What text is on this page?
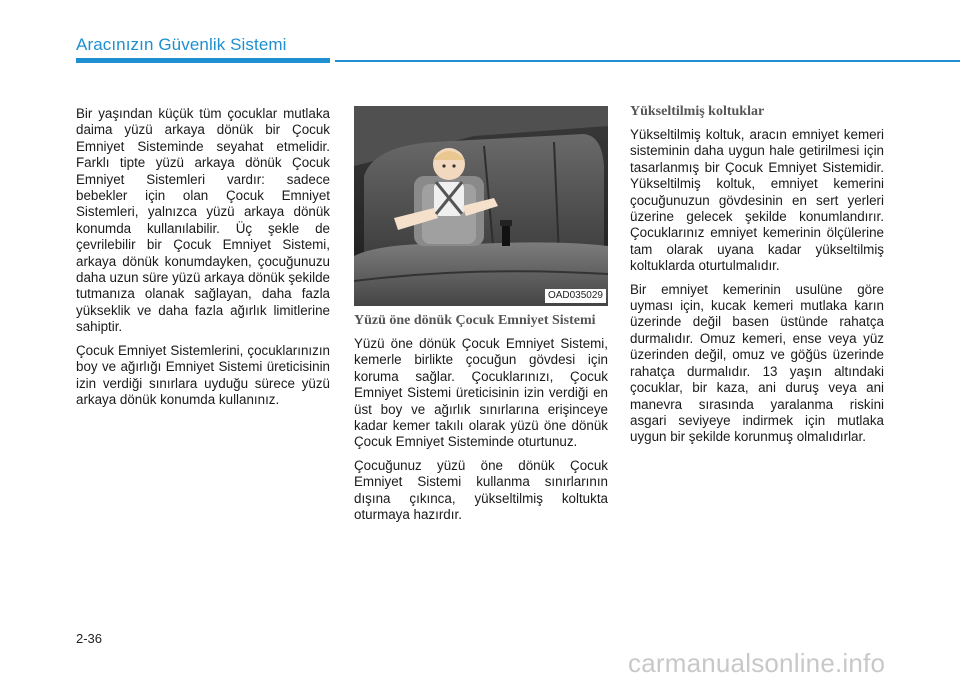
Aracınızın Güvenlik Sistemi

Bir yaşından küçük tüm çocuklar mutlaka daima yüzü arkaya dönük bir Çocuk Emniyet Sisteminde seyahat etmelidir. Farklı tipte yüzü arkaya dönük Çocuk Emniyet Sistemleri vardır: sadece bebekler için olan Çocuk Emniyet Sistemleri, yalnızca yüzü arkaya dönük konumda kullanılabilir. Üç şekle de çevrilebilir bir Çocuk Emniyet Sistemi, arkaya dönük konumdayken, çocuğunuzu daha uzun süre yüzü arkaya dönük şekilde tutmanıza olanak sağlayan, daha fazla yükseklik ve daha fazla ağırlık limitlerine sahiptir.

Çocuk Emniyet Sistemlerini, çocuklarınızın boy ve ağırlığı Emniyet Sistemi üreticisinin izin verdiği sınırlara uyduğu sürece yüzü arkaya dönük konumda kullanınız.

OAD035029
Yüzü öne dönük Çocuk Emniyet Sistemi

Yüzü öne dönük Çocuk Emniyet Sistemi, kemerle birlikte çocuğun gövdesi için koruma sağlar. Çocuklarınızı, Çocuk Emniyet Sistemi üreticisinin izin verdiği en üst boy ve ağırlık sınırlarına erişinceye kadar kemer takılı olarak yüzü öne dönük Çocuk Emniyet Sisteminde oturtunuz.

Çocuğunuz yüzü öne dönük Çocuk Emniyet Sistemi kullanma sınırlarının dışına çıkınca, yükseltilmiş koltukta oturmaya hazırdır.

Yükseltilmiş koltuklar

Yükseltilmiş koltuk, aracın emniyet kemeri sisteminin daha uygun hale getirilmesi için tasarlanmış bir Çocuk Emniyet Sistemidir. Yükseltilmiş koltuk, emniyet kemerini çocuğunuzun gövdesinin en sert yerleri üzerine gelecek şekilde konumlandırır. Çocuklarınız emniyet kemerinin ölçülerine tam olarak uyana kadar yükseltilmiş koltuklarda oturtulmalıdır.

Bir emniyet kemerinin usulüne göre uyması için, kucak kemeri mutlaka karın üzerinde değil basen üstünde rahatça durmalıdır. Omuz kemeri, ense veya yüz üzerinden değil, omuz ve göğüs üzerinde rahatça durmalıdır. 13 yaşın altındaki çocuklar, bir kaza, ani duruş veya ani manevra sırasında yaralanma riskini asgari seviyeye indirmek için mutlaka uygun bir şekilde korunmuş olmalıdırlar.

2-36
carmanualsonline.info
